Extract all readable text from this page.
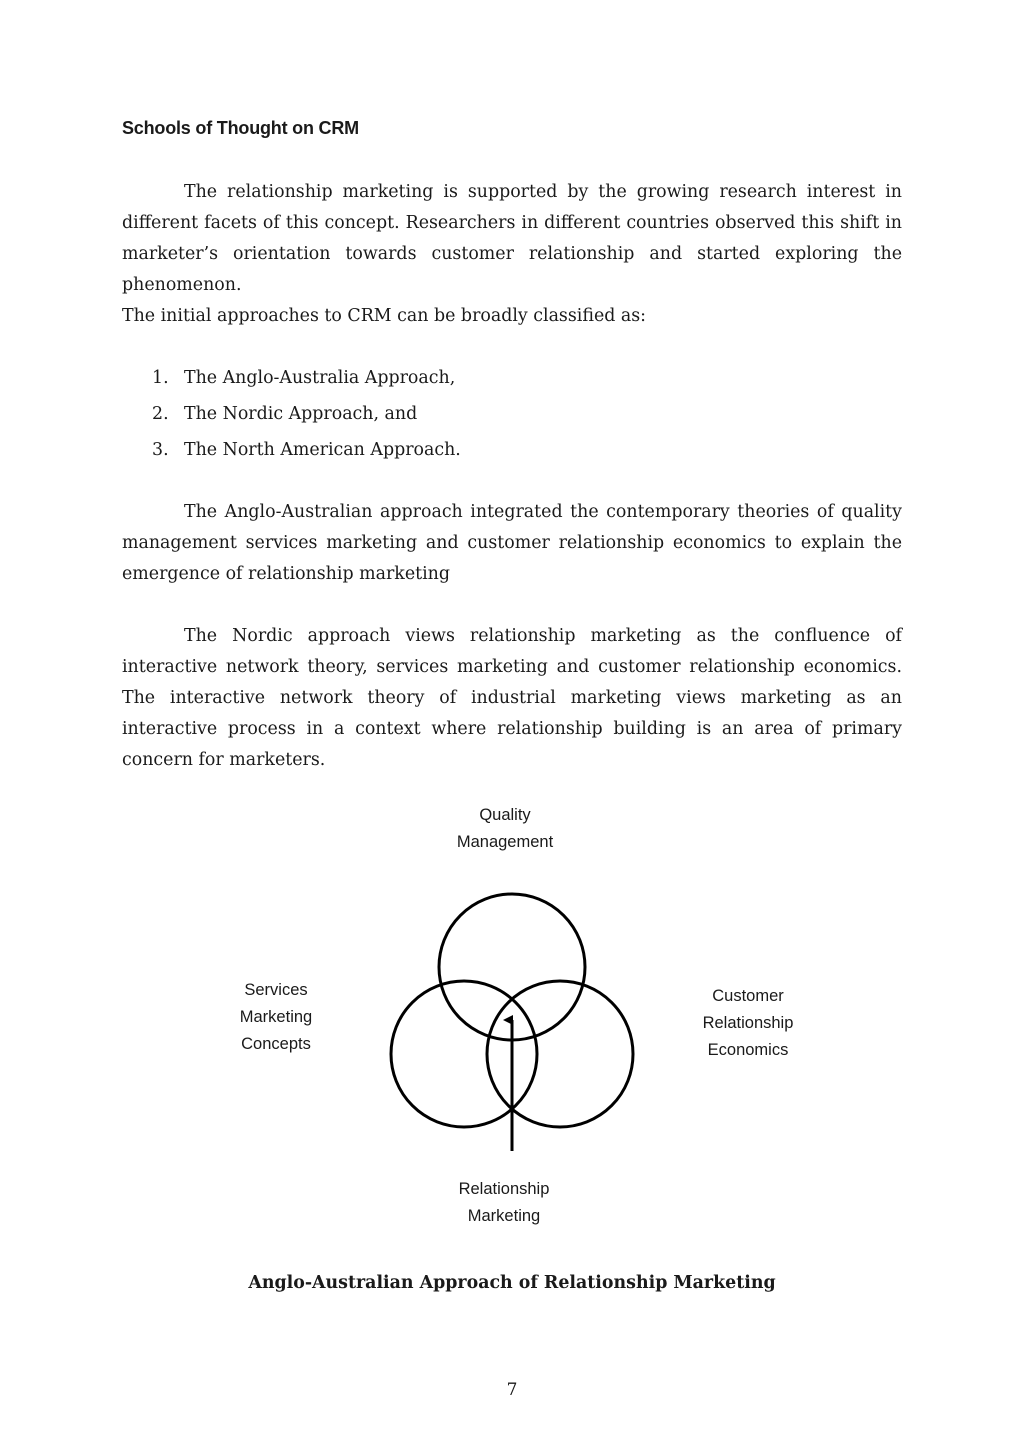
Schools of Thought on CRM

The relationship marketing is supported by the growing research interest in different facets of this concept. Researchers in different countries observed this shift in marketer’s orientation towards customer relationship and started exploring the phenomenon.

The initial approaches to CRM can be broadly classified as:

1. The Anglo-Australia Approach,
2. The Nordic Approach, and
3. The North American Approach.

The Anglo-Australian approach integrated the contemporary theories of quality management services marketing and customer relationship economics to explain the emergence of relationship marketing

The Nordic approach views relationship marketing as the confluence of interactive network theory, services marketing and customer relationship economics. The interactive network theory of industrial marketing views marketing as an interactive process in a context where relationship building is an area of primary concern for marketers.

Quality
Management
Services
Marketing
Concepts
Customer
Relationship
Economics
Relationship
Marketing
Anglo-Australian Approach of Relationship Marketing
7
